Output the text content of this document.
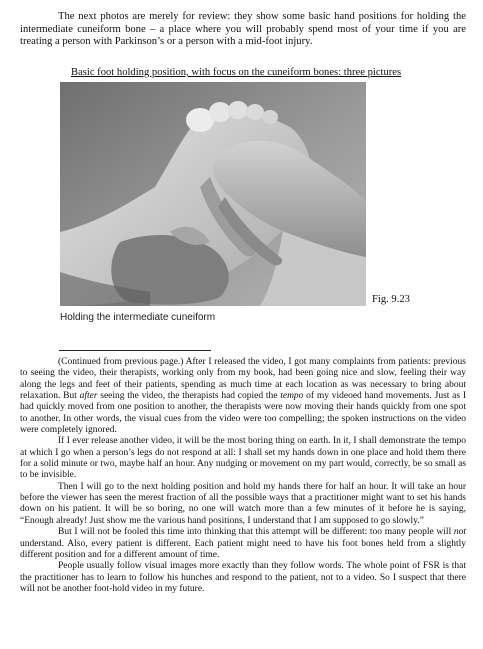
The next photos are merely for review: they show some basic hand positions for holding the intermediate cuneiform bone – a place where you will probably spend most of your time if you are treating a person with Parkinson’s or a person with a mid-foot injury.

Basic foot holding position, with focus on the cuneiform bones: three pictures
Fig. 9.23
Holding the intermediate cuneiform

(Continued from previous page.) After I released the video, I got many complaints from patients: previous to seeing the video, their therapists, working only from my book, had been going nice and slow, feeling their way along the legs and feet of their patients, spending as much time at each location as was necessary to bring about relaxation. But after seeing the video, the therapists had copied the tempo of my videoed hand movements. Just as I had quickly moved from one position to another, the therapists were now moving their hands quickly from one spot to another. In other words, the visual cues from the video were too compelling; the spoken instructions on the video were completely ignored.

If I ever release another video, it will be the most boring thing on earth. In it, I shall demonstrate the tempo at which I go when a person’s legs do not respond at all: I shall set my hands down in one place and hold them there for a solid minute or two, maybe half an hour. Any nudging or movement on my part would, correctly, be so small as to be invisible.

Then I will go to the next holding position and hold my hands there for half an hour. It will take an hour before the viewer has seen the merest fraction of all the possible ways that a practitioner might want to set his hands down on his patient. It will be so boring, no one will watch more than a few minutes of it before he is saying, “Enough already! Just show me the various hand positions, I understand that I am supposed to go slowly.”

But I will not be fooled this time into thinking that this attempt will be different: too many people will not understand. Also, every patient is different. Each patient might need to have his foot bones held from a slightly different position and for a different amount of time.

People usually follow visual images more exactly than they follow words. The whole point of FSR is that the practitioner has to learn to follow his hunches and respond to the patient, not to a video. So I suspect that there will not be another foot-hold video in my future.
